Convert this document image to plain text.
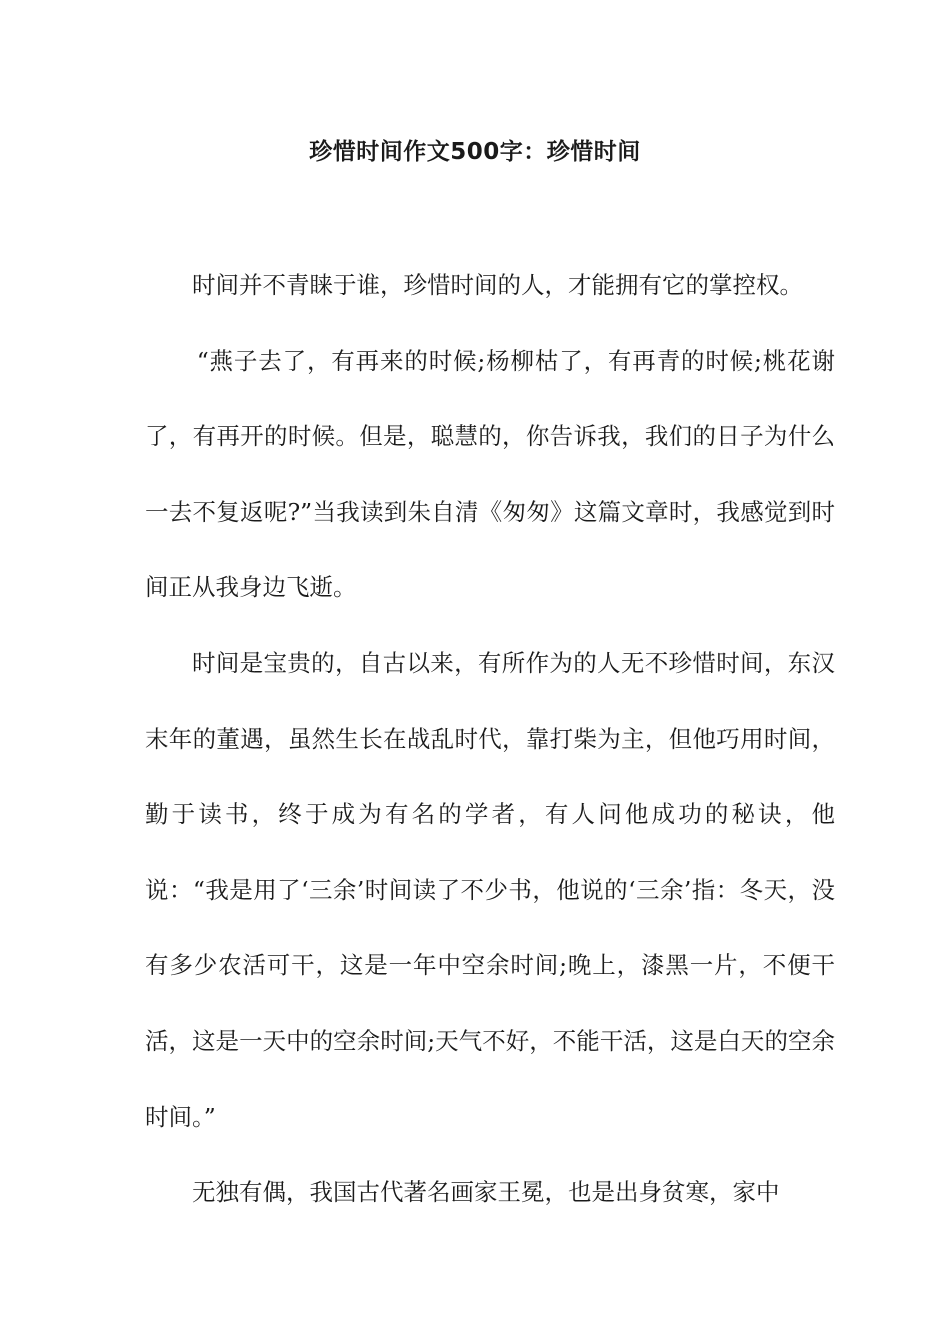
珍惜时间作文500字：珍惜时间

时间并不青睐于谁，珍惜时间的人，才能拥有它的掌控权。

“燕子去了，有再来的时候;杨柳枯了，有再青的时候;桃花谢了，有再开的时候。但是，聪慧的，你告诉我，我们的日子为什么一去不复返呢?”当我读到朱自清《匆匆》这篇文章时，我感觉到时间正从我身边飞逝。

时间是宝贵的，自古以来，有所作为的人无不珍惜时间，东汉末年的董遇，虽然生长在战乱时代，靠打柴为主，但他巧用时间，勤于读书，终于成为有名的学者，有人问他成功的秘诀，他说：“我是用了‘三余’时间读了不少书，他说的‘三余’指：冬天，没有多少农活可干，这是一年中空余时间;晚上，漆黑一片，不便干活，这是一天中的空余时间;天气不好，不能干活，这是白天的空余时间。”

无独有偶，我国古代著名画家王冕，也是出身贫寒，家中
